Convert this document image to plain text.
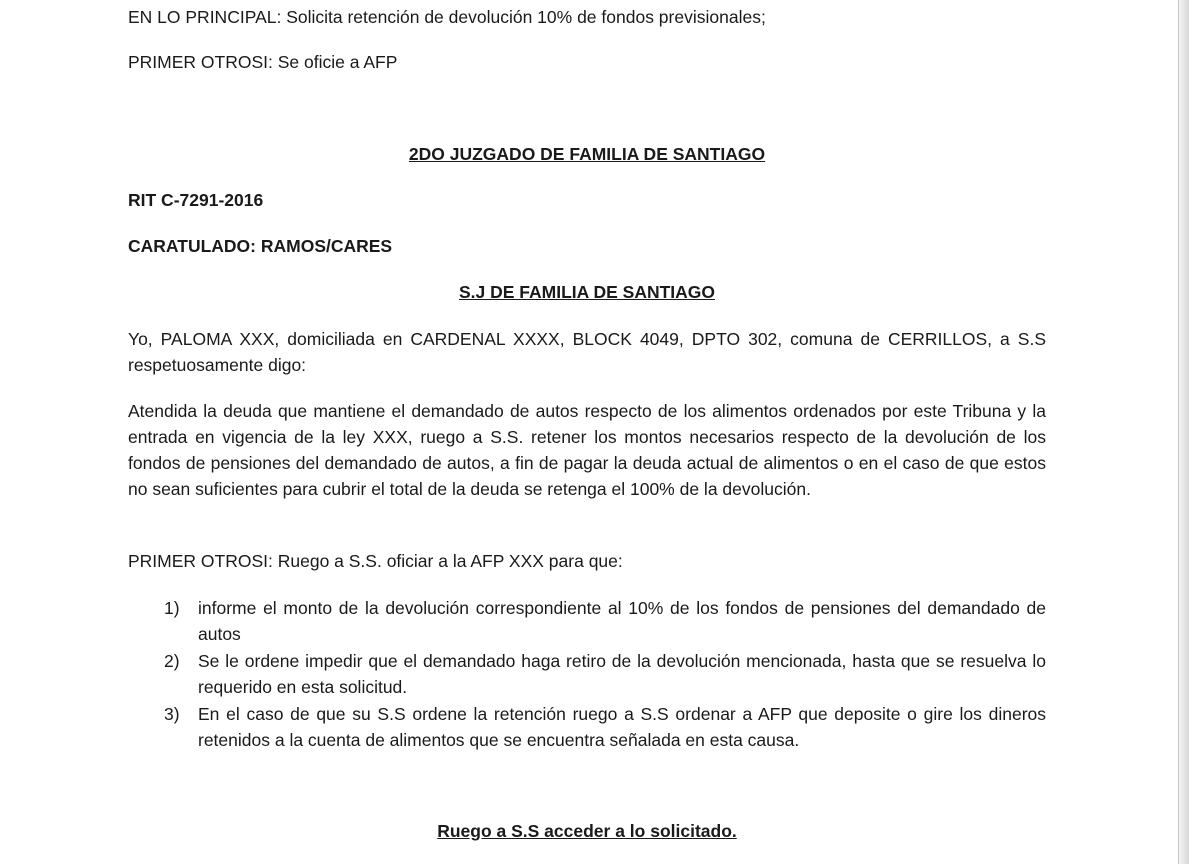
EN LO PRINCIPAL: Solicita retención de devolución 10% de fondos previsionales;
PRIMER OTROSI: Se oficie a AFP
2DO JUZGADO DE FAMILIA DE SANTIAGO
RIT C-7291-2016
CARATULADO: RAMOS/CARES
S.J DE FAMILIA DE SANTIAGO
Yo, PALOMA XXX, domiciliada en CARDENAL XXXX, BLOCK 4049, DPTO 302, comuna de CERRILLOS, a S.S respetuosamente digo:
Atendida la deuda que mantiene el demandado de autos respecto de los alimentos ordenados por este Tribuna y la entrada en vigencia de la ley XXX, ruego a S.S. retener los montos necesarios respecto de la devolución de los fondos de pensiones del demandado de autos, a fin de pagar la deuda actual de alimentos o en el caso de que estos no sean suficientes para cubrir el total de la deuda se retenga el 100% de la devolución.
PRIMER OTROSI: Ruego a S.S. oficiar a la AFP XXX para que:
1)	informe el monto de la devolución correspondiente al 10% de los fondos de pensiones del demandado de autos
2)	Se le ordene impedir que el demandado haga retiro de la devolución mencionada, hasta que se resuelva lo requerido en esta solicitud.
3)	En el caso de que su S.S ordene la retención ruego a S.S ordenar a AFP que deposite o gire los dineros retenidos a la cuenta de alimentos que se encuentra señalada en esta causa.
Ruego a S.S acceder a lo solicitado.
